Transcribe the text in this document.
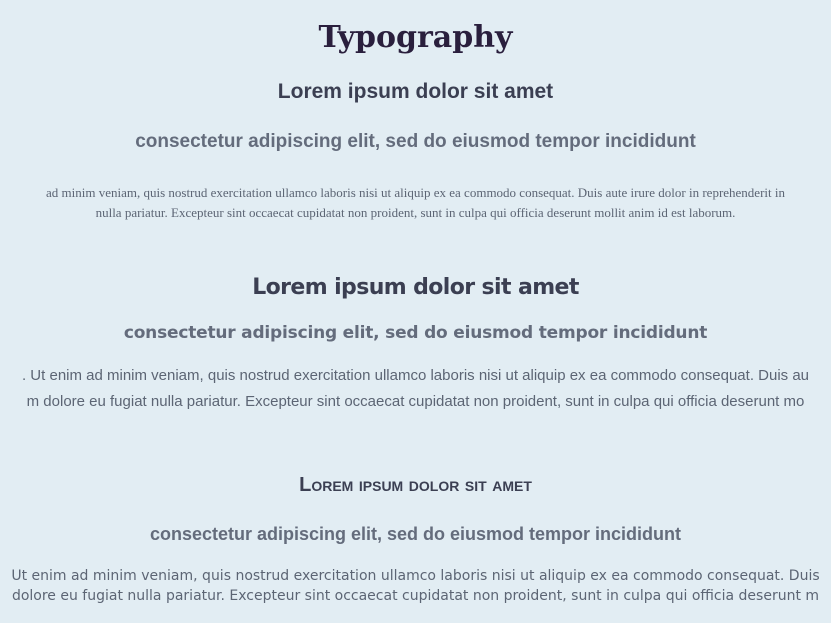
Typography
Lorem ipsum dolor sit amet
consectetur adipiscing elit, sed do eiusmod tempor incididunt

ad minim veniam, quis nostrud exercitation ullamco laboris nisi ut aliquip ex ea commodo consequat. Duis aute irure dolor in reprehenderit in

nulla pariatur. Excepteur sint occaecat cupidatat non proident, sunt in culpa qui officia deserunt mollit anim id est laborum.

Lorem ipsum dolor sit amet
consectetur adipiscing elit, sed do eiusmod tempor incididunt

. Ut enim ad minim veniam, quis nostrud exercitation ullamco laboris nisi ut aliquip ex ea commodo consequat. Duis au

m dolore eu fugiat nulla pariatur. Excepteur sint occaecat cupidatat non proident, sunt in culpa qui officia deserunt mo

Lorem ipsum dolor sit amet
consectetur adipiscing elit, sed do eiusmod tempor incididunt

Ut enim ad minim veniam, quis nostrud exercitation ullamco laboris nisi ut aliquip ex ea commodo consequat. Duis

dolore eu fugiat nulla pariatur. Excepteur sint occaecat cupidatat non proident, sunt in culpa qui officia deserunt m
